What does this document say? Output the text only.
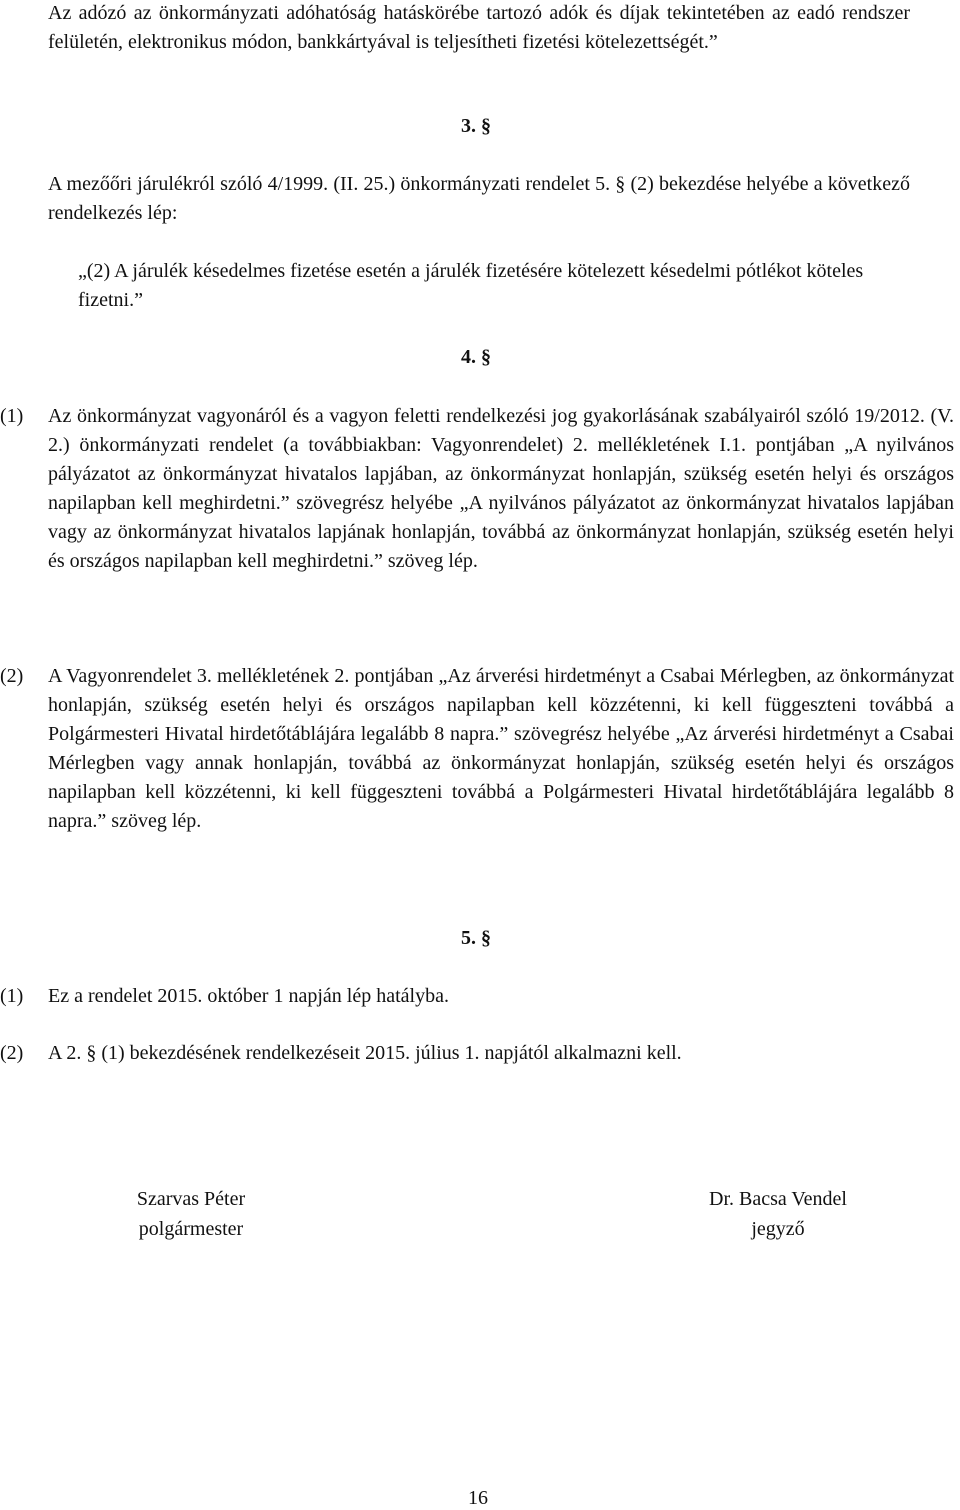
Az adózó az önkormányzati adóhatóság hatáskörébe tartozó adók és díjak tekintetében az eadó rendszer felületén, elektronikus módon, bankkártyával is teljesítheti fizetési kötelezettségét.”
3. §
A mezőőri járulékról szóló 4/1999. (II. 25.) önkormányzati rendelet 5. § (2) bekezdése helyébe a következő rendelkezés lép:
„(2) A járulék késedelmes fizetése esetén a járulék fizetésére kötelezett késedelmi pótlékot köteles fizetni.”
4. §
(1) Az önkormányzat vagyonáról és a vagyon feletti rendelkezési jog gyakorlásának szabályairól szóló 19/2012. (V. 2.) önkormányzati rendelet (a továbbiakban: Vagyonrendelet) 2. mellékletének I.1. pontjában „A nyilvános pályázatot az önkormányzat hivatalos lapjában, az önkormányzat honlapján, szükség esetén helyi és országos napilapban kell meghirdetni.” szövegrész helyébe „A nyilvános pályázatot az önkormányzat hivatalos lapjában vagy az önkormányzat hivatalos lapjának honlapján, továbbá az önkormányzat honlapján, szükség esetén helyi és országos napilapban kell meghirdetni.” szöveg lép.
(2) A Vagyonrendelet 3. mellékletének 2. pontjában „Az árverési hirdetményt a Csabai Mérlegben, az önkormányzat honlapján, szükség esetén helyi és országos napilapban kell közzétenni, ki kell függeszteni továbbá a Polgármesteri Hivatal hirdetőtáblájára legalább 8 napra.” szövegrész helyébe „Az árverési hirdetményt a Csabai Mérlegben vagy annak honlapján, továbbá az önkormányzat honlapján, szükség esetén helyi és országos napilapban kell közzétenni, ki kell függeszteni továbbá a Polgármesteri Hivatal hirdetőtáblájára legalább 8 napra.” szöveg lép.
5. §
(1) Ez a rendelet 2015. október 1 napján lép hatályba.
(2) A 2. § (1) bekezdésének rendelkezéseit 2015. július 1. napjától alkalmazni kell.
Szarvas Péter
polgármester
Dr. Bacsa Vendel
jegyző
16
